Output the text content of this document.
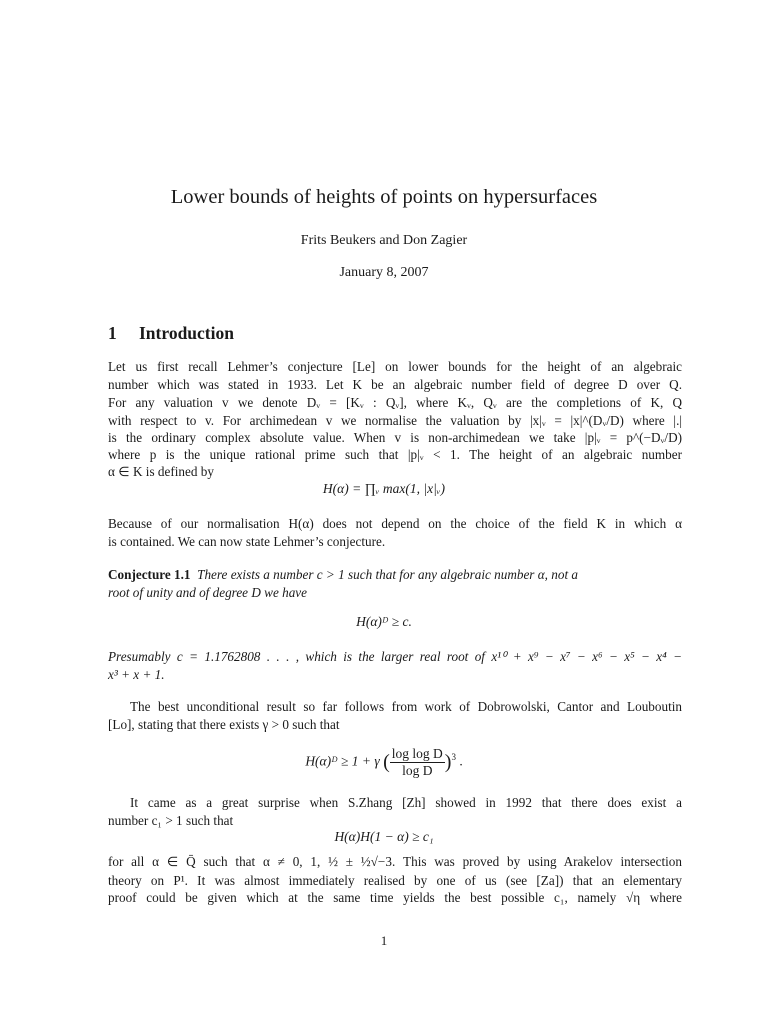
Lower bounds of heights of points on hypersurfaces
Frits Beukers and Don Zagier
January 8, 2007
1 Introduction
Let us first recall Lehmer’s conjecture [Le] on lower bounds for the height of an algebraic
number which was stated in 1933. Let K be an algebraic number field of degree D over Q.
For any valuation v we denote Dᵥ = [Kᵥ : Qᵥ], where Kᵥ, Qᵥ are the completions of K, Q
with respect to v. For archimedean v we normalise the valuation by |x|ᵥ = |x|^(Dᵥ/D) where |.|
is the ordinary complex absolute value. When v is non-archimedean we take |p|ᵥ = p^(−Dᵥ/D)
where p is the unique rational prime such that |p|ᵥ < 1. The height of an algebraic number
α ∈ K is defined by
H(α) = ∏ᵥ max(1, |x|ᵥ)
Because of our normalisation H(α) does not depend on the choice of the field K in which α
is contained. We can now state Lehmer’s conjecture.
Conjecture 1.1 There exists a number c > 1 such that for any algebraic number α, not a
root of unity and of degree D we have
H(α)ᴰ ≥ c.
Presumably c = 1.1762808 . . . , which is the larger real root of x¹⁰ + x⁹ − x⁷ − x⁶ − x⁵ − x⁴ −
x³ + x + 1.
The best unconditional result so far follows from work of Dobrowolski, Cantor and Louboutin
[Lo], stating that there exists γ > 0 such that
H(α)ᴰ ≥ 1 + γ ( $\frac{\text{log log D}}{\text{log D}} )^3$ .
It came as a great surprise when S.Zhang [Zh] showed in 1992 that there does exist a
number c₁ > 1 such that
H(α)H(1 − α) ≥ c₁
for all α ∈ Q̄ such that α ≠ 0, 1, ½ ± ½√−3. This was proved by using Arakelov intersection
theory on P¹. It was almost immediately realised by one of us (see [Za]) that an elementary
proof could be given which at the same time yields the best possible c₁, namely √η where
1
